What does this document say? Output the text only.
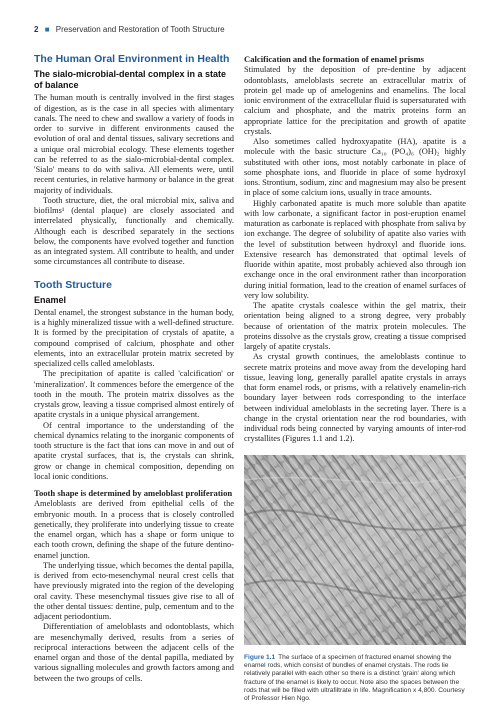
2 ■ Preservation and Restoration of Tooth Structure
The Human Oral Environment in Health
The sialo-microbial-dental complex in a state of balance

The human mouth is centrally involved in the first stages of digestion, as is the case in all species with alimentary canals. The need to chew and swallow a variety of foods in order to survive in different environments caused the evolution of oral and dental tissues, salivary secretions and a unique oral microbial ecology. These elements together can be referred to as the sialo-microbial-dental complex. 'Sialo' means to do with saliva. All elements were, until recent centuries, in relative harmony or balance in the great majority of individuals.

Tooth structure, diet, the oral microbial mix, saliva and biofilms¹ (dental plaque) are closely associated and interrelated physically, functionally and chemically. Although each is described separately in the sections below, the components have evolved together and function as an integrated system. All contribute to health, and under some circumstances all contribute to disease.

Tooth Structure
Enamel

Dental enamel, the strongest substance in the human body, is a highly mineralized tissue with a well-defined structure. It is formed by the precipitation of crystals of apatite, a compound comprised of calcium, phosphate and other elements, into an extracellular protein matrix secreted by specialized cells called ameloblasts.

The precipitation of apatite is called 'calcification' or 'mineralization'. It commences before the emergence of the tooth in the mouth. The protein matrix dissolves as the crystals grow, leaving a tissue comprised almost entirely of apatite crystals in a unique physical arrangement.

Of central importance to the understanding of the chemical dynamics relating to the inorganic components of tooth structure is the fact that ions can move in and out of apatite crystal surfaces, that is, the crystals can shrink, grow or change in chemical composition, depending on local ionic conditions.

Tooth shape is determined by ameloblast proliferation

Ameloblasts are derived from epithelial cells of the embryonic mouth. In a process that is closely controlled genetically, they proliferate into underlying tissue to create the enamel organ, which has a shape or form unique to each tooth crown, defining the shape of the future dentino-enamel junction.

The underlying tissue, which becomes the dental papilla, is derived from ecto-mesenchymal neural crest cells that have previously migrated into the region of the developing oral cavity. These mesenchymal tissues give rise to all of the other dental tissues: dentine, pulp, cementum and to the adjacent periodontium.

Differentiation of ameloblasts and odontoblasts, which are mesenchymally derived, results from a series of reciprocal interactions between the adjacent cells of the enamel organ and those of the dental papilla, mediated by various signalling molecules and growth factors among and between the two groups of cells.

Calcification and the formation of enamel prisms

Stimulated by the deposition of pre-dentine by adjacent odontoblasts, ameloblasts secrete an extracellular matrix of protein gel made up of amelogenins and enamelins. The local ionic environment of the extracellular fluid is supersaturated with calcium and phosphate, and the matrix proteins form an appropriate lattice for the precipitation and growth of apatite crystals.

Also sometimes called hydroxyapatite (HA), apatite is a molecule with the basic structure Ca₁₀ (PO₄)₆ (OH)₂ highly substituted with other ions, most notably carbonate in place of some phosphate ions, and fluoride in place of some hydroxyl ions. Strontium, sodium, zinc and magnesium may also be present in place of some calcium ions, usually in trace amounts.

Highly carbonated apatite is much more soluble than apatite with low carbonate, a significant factor in post-eruption enamel maturation as carbonate is replaced with phosphate from saliva by ion exchange. The degree of solubility of apatite also varies with the level of substitution between hydroxyl and fluoride ions. Extensive research has demonstrated that optimal levels of fluoride within apatite, most probably achieved also through ion exchange once in the oral environment rather than incorporation during initial formation, lead to the creation of enamel surfaces of very low solubility.

The apatite crystals coalesce within the gel matrix, their orientation being aligned to a strong degree, very probably because of orientation of the matrix protein molecules. The proteins dissolve as the crystals grow, creating a tissue comprised largely of apatite crystals.

As crystal growth continues, the ameloblasts continue to secrete matrix proteins and move away from the developing hard tissue, leaving long, generally parallel apatite crystals in arrays that form enamel rods, or prisms, with a relatively enamelin-rich boundary layer between rods corresponding to the interface between individual ameloblasts in the secreting layer. There is a change in the crystal orientation near the rod boundaries, with individual rods being connected by varying amounts of inter-rod crystallites (Figures 1.1 and 1.2).

Figure 1.1 The surface of a specimen of fractured enamel showing the enamel rods, which consist of bundles of enamel crystals. The rods lie relatively parallel with each other so there is a distinct 'grain' along which fracture of the enamel is likely to occur. Note also the spaces between the rods that will be filled with ultrafiltrate in life. Magnification x 4,800. Courtesy of Professor Hien Ngo.
